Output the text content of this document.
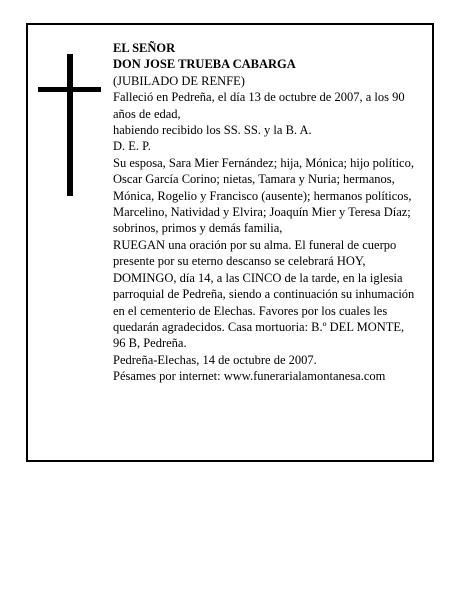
EL SEÑOR

DON JOSE TRUEBA CABARGA

(JUBILADO DE RENFE)

Falleció en Pedreña, el día 13 de octubre de 2007, a los 90 años de edad,

habiendo recibido los SS. SS. y la B. A.

D. E. P.

Su esposa, Sara Mier Fernández; hija, Mónica; hijo político, Oscar García Corino; nietas, Tamara y Nuria; hermanos, Mónica, Rogelio y Francisco (ausente); hermanos políticos, Marcelino, Natividad y Elvira; Joaquín Mier y Teresa Díaz; sobrinos, primos y demás familia,

RUEGAN una oración por su alma. El funeral de cuerpo presente por su eterno descanso se celebrará HOY, DOMINGO, día 14, a las CINCO de la tarde, en la iglesia parroquial de Pedreña, siendo a continuación su inhumación en el cementerio de Elechas. Favores por los cuales les quedarán agradecidos. Casa mortuoria: B.º DEL MONTE, 96 B, Pedreña.

Pedreña-Elechas, 14 de octubre de 2007.

Pésames por internet: www.funerarialamontanesa.com
